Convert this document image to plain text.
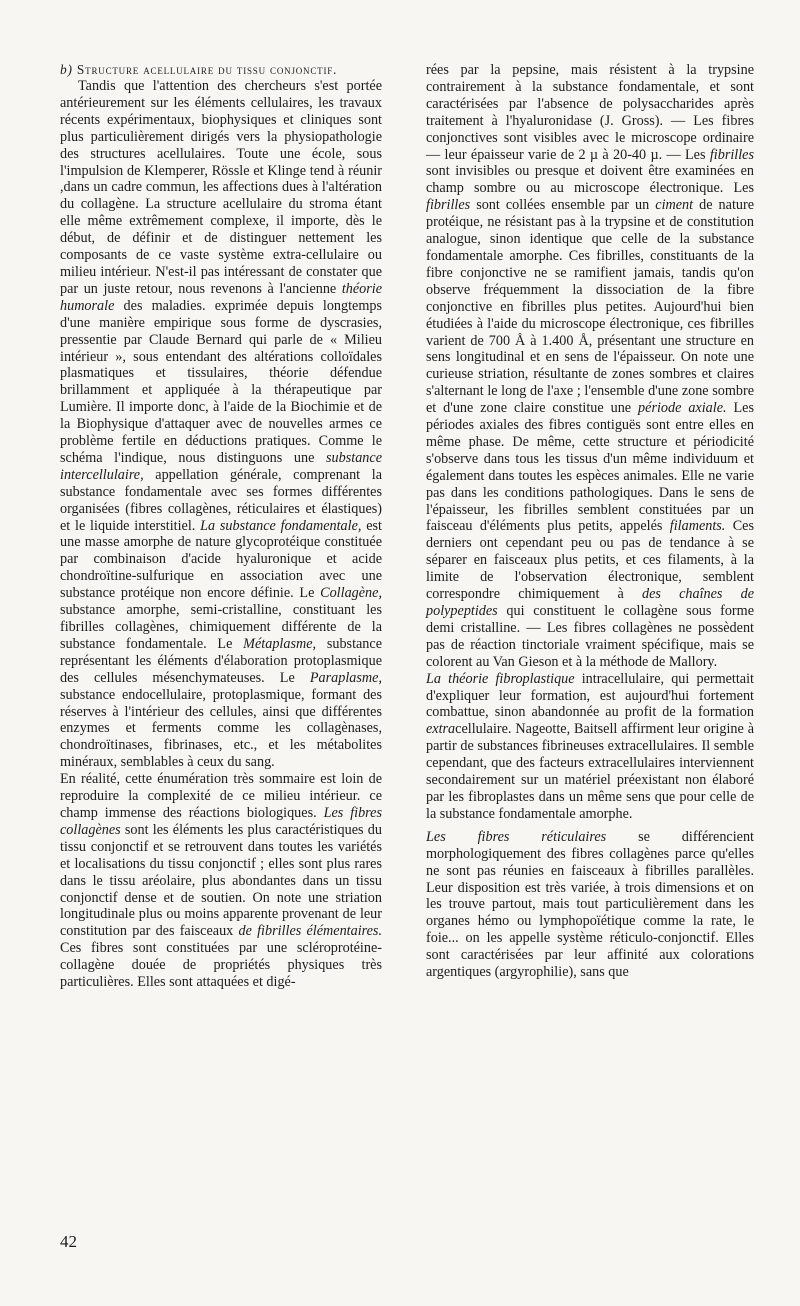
b) Structure acellulaire du tissu conjonctif.

Tandis que l'attention des chercheurs s'est portée antérieurement sur les éléments cellulaires, les travaux récents expérimentaux, biophysiques et cliniques sont plus particulièrement dirigés vers la physiopathologie des structures acellulaires. Toute une école, sous l'impulsion de Klemperer, Rössle et Klinge tend à réunir ,dans un cadre commun, les affections dues à l'altération du collagène. La structure acellulaire du stroma étant elle même extrêmement complexe, il importe, dès le début, de définir et de distinguer nettement les composants de ce vaste système extra-cellulaire ou milieu intérieur. N'est-il pas intéressant de constater que par un juste retour, nous revenons à l'ancienne théorie humorale des maladies. exprimée depuis longtemps d'une manière empirique sous forme de dyscrasies, pressentie par Claude Bernard qui parle de « Milieu intérieur », sous entendant des altérations colloïdales plasmatiques et tissulaires, théorie défendue brillamment et appliquée à la thérapeutique par Lumière. Il importe donc, à l'aide de la Biochimie et de la Biophysique d'attaquer avec de nouvelles armes ce problème fertile en déductions pratiques. Comme le schéma l'indique, nous distinguons une substance intercellulaire, appellation générale, comprenant la substance fondamentale avec ses formes différentes organisées (fibres collagènes, réticulaires et élastiques) et le liquide interstitiel. La substance fondamentale, est une masse amorphe de nature glycoprotéique constituée par combinaison d'acide hyaluronique et acide chondroïtine-sulfurique en association avec une substance protéique non encore définie. Le Collagène, substance amorphe, semi-cristalline, constituant les fibrilles collagènes, chimiquement différente de la substance fondamentale. Le Métaplasme, substance représentant les éléments d'élaboration protoplasmique des cellules mésenchymateuses. Le Paraplasme, substance endocellulaire, protoplasmique, formant des réserves à l'intérieur des cellules, ainsi que différentes enzymes et ferments comme les collagènases, chondroïtinases, fibrinases, etc., et les métabolites minéraux, semblables à ceux du sang.

En réalité, cette énumération très sommaire est loin de reproduire la complexité de ce milieu intérieur. ce champ immense des réactions biologiques. Les fibres collagènes sont les éléments les plus caractéristiques du tissu conjonctif et se retrouvent dans toutes les variétés et localisations du tissu conjonctif ; elles sont plus rares dans le tissu aréolaire, plus abondantes dans un tissu conjonctif dense et de soutien. On note une striation longitudinale plus ou moins apparente provenant de leur constitution par des faisceaux de fibrilles élémentaires. Ces fibres sont constituées par une scléroprotéine-collagène douée de propriétés physiques très particulières. Elles sont attaquées et digé-

rées par la pepsine, mais résistent à la trypsine contrairement à la substance fondamentale, et sont caractérisées par l'absence de polysaccharides après traitement à l'hyaluronidase (J. Gross). — Les fibres conjonctives sont visibles avec le microscope ordinaire — leur épaisseur varie de 2 µ à 20-40 µ. — Les fibrilles sont invisibles ou presque et doivent être examinées en champ sombre ou au microscope électronique. Les fibrilles sont collées ensemble par un ciment de nature protéique, ne résistant pas à la trypsine et de constitution analogue, sinon identique que celle de la substance fondamentale amorphe. Ces fibrilles, constituants de la fibre conjonctive ne se ramifient jamais, tandis qu'on observe fréquemment la dissociation de la fibre conjonctive en fibrilles plus petites. Aujourd'hui bien étudiées à l'aide du microscope électronique, ces fibrilles varient de 700 Å à 1.400 Å, présentant une structure en sens longitudinal et en sens de l'épaisseur. On note une curieuse striation, résultante de zones sombres et claires s'alternant le long de l'axe ; l'ensemble d'une zone sombre et d'une zone claire constitue une période axiale. Les périodes axiales des fibres contiguës sont entre elles en même phase. De même, cette structure et périodicité s'observe dans tous les tissus d'un même individuum et également dans toutes les espèces animales. Elle ne varie pas dans les conditions pathologiques. Dans le sens de l'épaisseur, les fibrilles semblent constituées par un faisceau d'éléments plus petits, appelés filaments. Ces derniers ont cependant peu ou pas de tendance à se séparer en faisceaux plus petits, et ces filaments, à la limite de l'observation électronique, semblent correspondre chimiquement à des chaînes de polypeptides qui constituent le collagène sous forme demi cristalline. — Les fibres collagènes ne possèdent pas de réaction tinctoriale vraiment spécifique, mais se colorent au Van Gieson et à la méthode de Mallory.

La théorie fibroplastique intracellulaire, qui permettait d'expliquer leur formation, est aujourd'hui fortement combattue, sinon abandonnée au profit de la formation extracellulaire. Nageotte, Baitsell affirment leur origine à partir de substances fibrineuses extracellulaires. Il semble cependant, que des facteurs extracellulaires interviennent secondairement sur un matériel préexistant non élaboré par les fibroplastes dans un même sens que pour celle de la substance fondamentale amorphe.

Les fibres réticulaires se différencient morphologiquement des fibres collagènes parce qu'elles ne sont pas réunies en faisceaux à fibrilles parallèles. Leur disposition est très variée, à trois dimensions et on les trouve partout, mais tout particulièrement dans les organes hémo ou lymphopoïétique comme la rate, le foie... on les appelle système réticulo-conjonctif. Elles sont caractérisées par leur affinité aux colorations argentiques (argyrophilie), sans que

42
